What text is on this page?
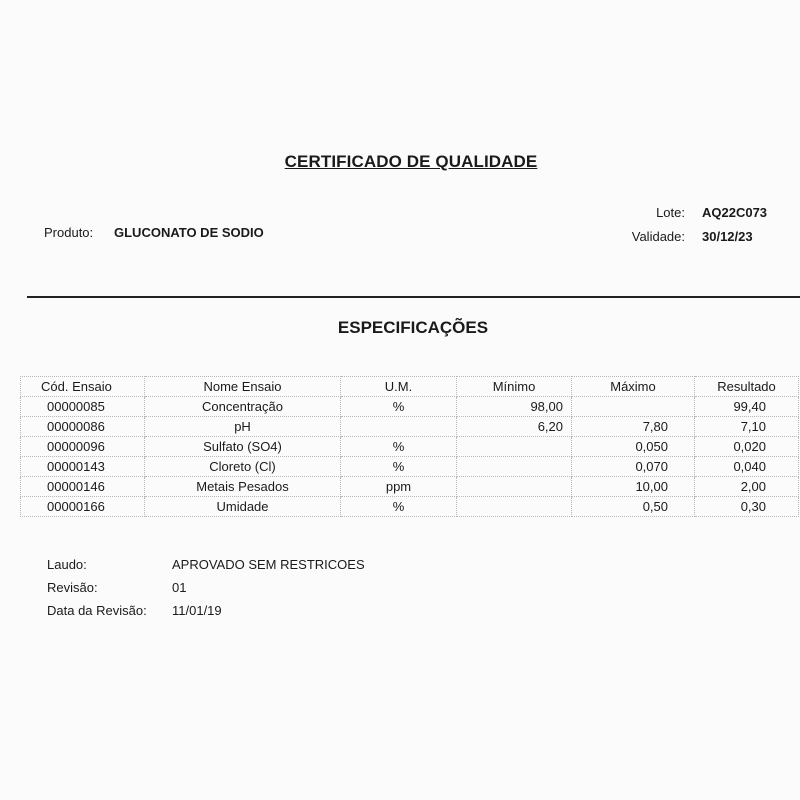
CERTIFICADO DE QUALIDADE
Produto: GLUCONATO DE SODIO
Lote: AQ22C073
Validade: 30/12/23
ESPECIFICAÇÕES
Cód. Ensaio	Nome Ensaio	U.M.	Mínimo	Máximo	Resultado
00000085	Concentração	%	98,00		99,40
00000086	pH		6,20	7,80	7,10
00000096	Sulfato (SO4)	%		0,050	0,020
00000143	Cloreto (Cl)	%		0,070	0,040
00000146	Metais Pesados	ppm		10,00	2,00
00000166	Umidade	%		0,50	0,30
Laudo:	APROVADO SEM RESTRICOES
Revisão:	01
Data da Revisão: 11/01/19
